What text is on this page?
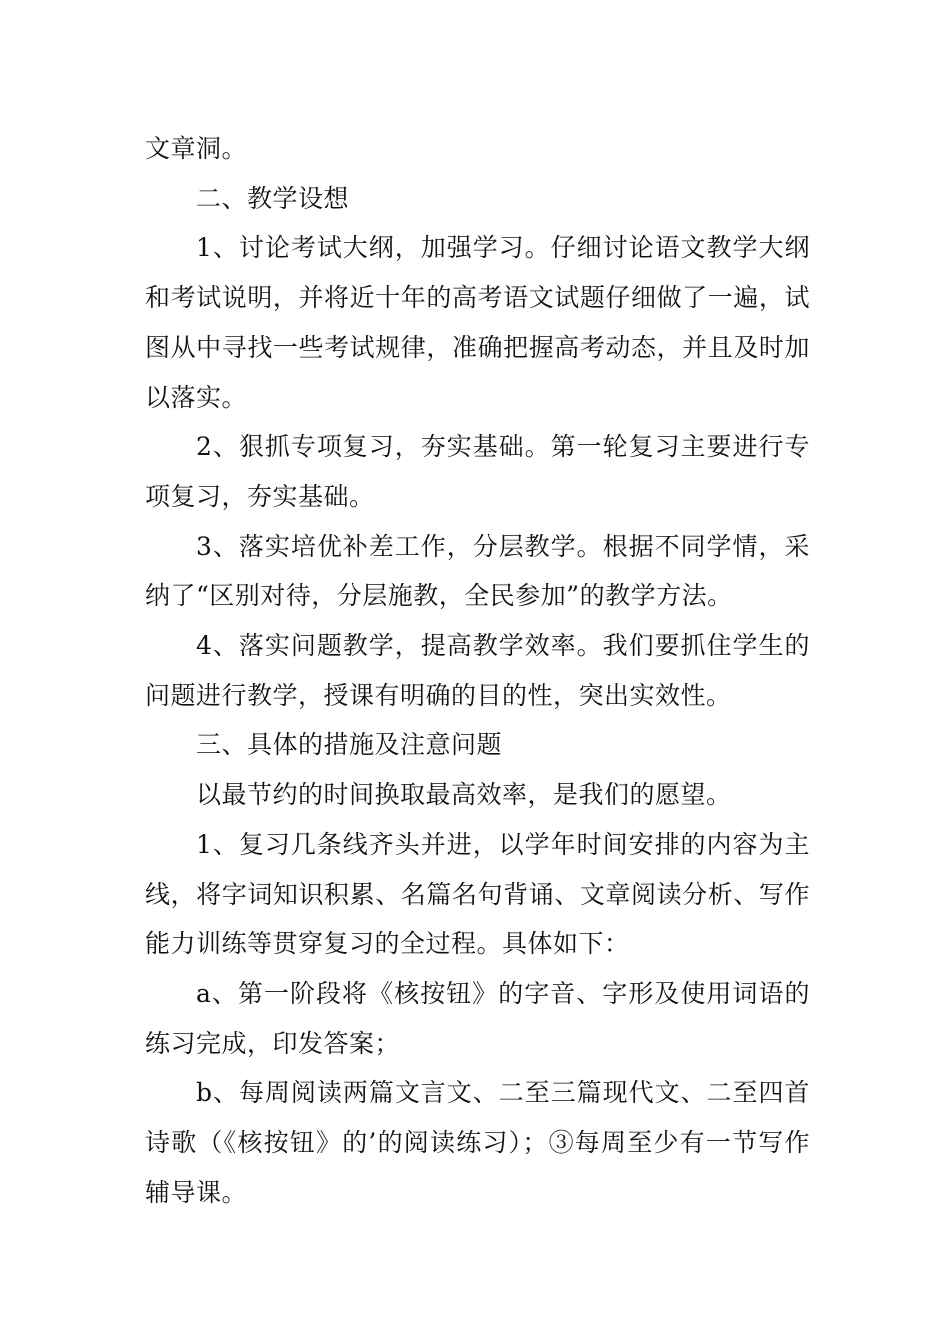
文章洞。

二、教学设想

1、讨论考试大纲，加强学习。仔细讨论语文教学大纲和考试说明，并将近十年的高考语文试题仔细做了一遍，试图从中寻找一些考试规律，准确把握高考动态，并且及时加以落实。

2、狠抓专项复习，夯实基础。第一轮复习主要进行专项复习，夯实基础。

3、落实培优补差工作，分层教学。根据不同学情，采纳了“区别对待，分层施教，全民参加”的教学方法。

4、落实问题教学，提高教学效率。我们要抓住学生的问题进行教学，授课有明确的目的性，突出实效性。

三、具体的措施及注意问题

以最节约的时间换取最高效率，是我们的愿望。

1、复习几条线齐头并进，以学年时间安排的内容为主线，将字词知识积累、名篇名句背诵、文章阅读分析、写作能力训练等贯穿复习的全过程。具体如下：

a、第一阶段将《核按钮》的字音、字形及使用词语的练习完成，印发答案；

b、每周阅读两篇文言文、二至三篇现代文、二至四首诗歌（《核按钮》的’的阅读练习）；③每周至少有一节写作辅导课。
